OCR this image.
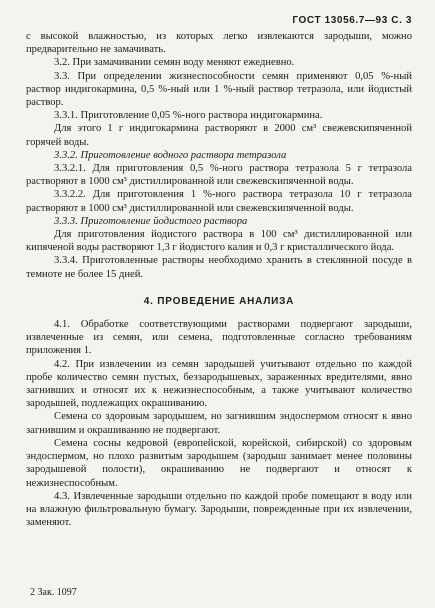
ГОСТ 13056.7—93 С. 3

с высокой влажностью, из которых легко извлекаются зародыши, можно предварительно не замачивать.

3.2. При замачивании семян воду меняют ежедневно.

3.3. При определении жизнеспособности семян применяют 0,05 %-ный раствор индигокармина, 0,5 %-ный или 1 %-ный раствор тетразола, или йодистый раствор.

3.3.1. Приготовление 0,05 %-ного раствора индигокармина.

Для этого 1 г индигокармина растворяют в 2000 см³ свежевскипяченной горячей воды.

3.3.2. Приготовление водного раствора тетразола

3.3.2.1. Для приготовления 0,5 %-ного раствора тетразола 5 г тетразола растворяют в 1000 см³ дистиллированной или свежевскипяченной воды.

3.3.2.2. Для приготовления 1 %-ного раствора тетразола 10 г тетразола растворяют в 1000 см³ дистиллированной или свежевскипяченной воды.

3.3.3. Приготовление йодистого раствора

Для приготовления йодистого раствора в 100 см³ дистиллированной или кипяченой воды растворяют 1,3 г йодистого калия и 0,3 г кристаллического йода.

3.3.4. Приготовленные растворы необходимо хранить в стеклянной посуде в темноте не более 15 дней.

4. ПРОВЕДЕНИЕ АНАЛИЗА

4.1. Обработке соответствующими растворами подвергают зародыши, извлеченные из семян, или семена, подготовленные согласно требованиям приложения 1.

4.2. При извлечении из семян зародышей учитывают отдельно по каждой пробе количество семян пустых, беззародышевых, зараженных вредителями, явно загнивших и относят их к нежизнеспособным, а также учитывают количество зародышей, подлежащих окрашиванию.

Семена со здоровым зародышем, но загнившим эндоспермом относят к явно загнившим и окрашиванию не подвергают.

Семена сосны кедровой (европейской, корейской, сибирской) со здоровым эндоспермом, но плохо развитым зародышем (зародыш занимает менее половины зародышевой полости), окрашиванию не подвергают и относят к нежизнеспособным.

4.3. Извлеченные зародыши отдельно по каждой пробе помещают в воду или на влажную фильтровальную бумагу. Зародыши, поврежденные при их извлечении, заменяют.

2 Зак. 1097
